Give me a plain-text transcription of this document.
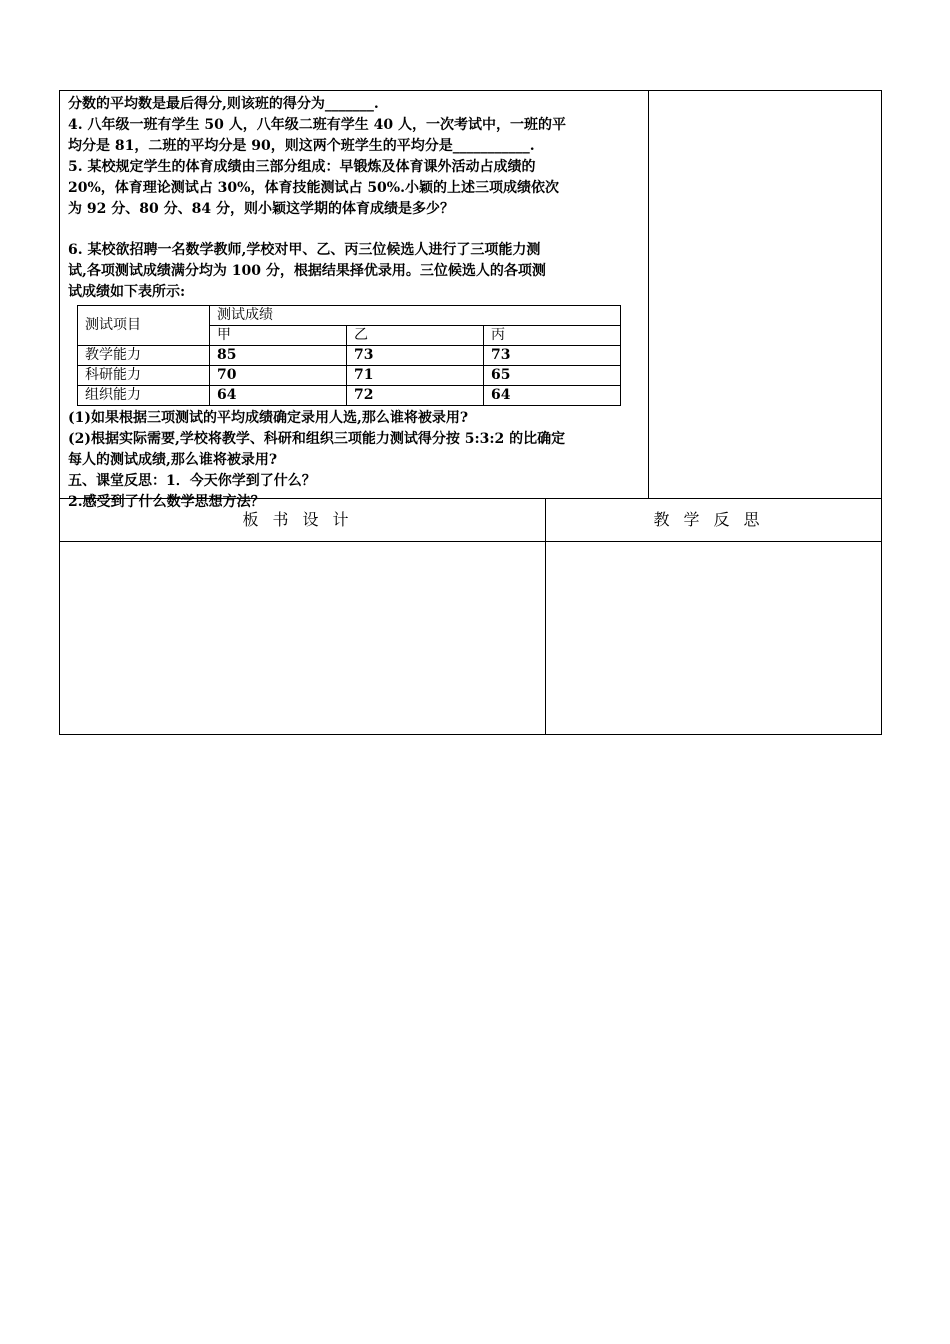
分数的平均数是最后得分,则该班的得分为_______.

4. 八年级一班有学生 50 人，八年级二班有学生 40 人，一次考试中，一班的平

均分是 81，二班的平均分是 90，则这两个班学生的平均分是___________.

5. 某校规定学生的体育成绩由三部分组成：早锻炼及体育课外活动占成绩的

20%，体育理论测试占 30%，体育技能测试占 50%.小颖的上述三项成绩依次

为 92 分、80 分、84 分，则小颖这学期的体育成绩是多少？

6. 某校欲招聘一名数学教师,学校对甲、乙、丙三位候选人进行了三项能力测

试,各项测试成绩满分均为 100 分，根据结果择优录用。三位候选人的各项测

试成绩如下表所示:

测试项目	测试成绩		
	甲	乙	丙
教学能力	85	73	73
科研能力	70	71	65
组织能力	64	72	64

(1)如果根据三项测试的平均成绩确定录用人选,那么谁将被录用?

(2)根据实际需要,学校将教学、科研和组织三项能力测试得分按 5:3:2 的比确定

每人的测试成绩,那么谁将被录用?

五、课堂反思：1．今天你学到了什么？

2.感受到了什么数学思想方法？

板书设计	教学反思
